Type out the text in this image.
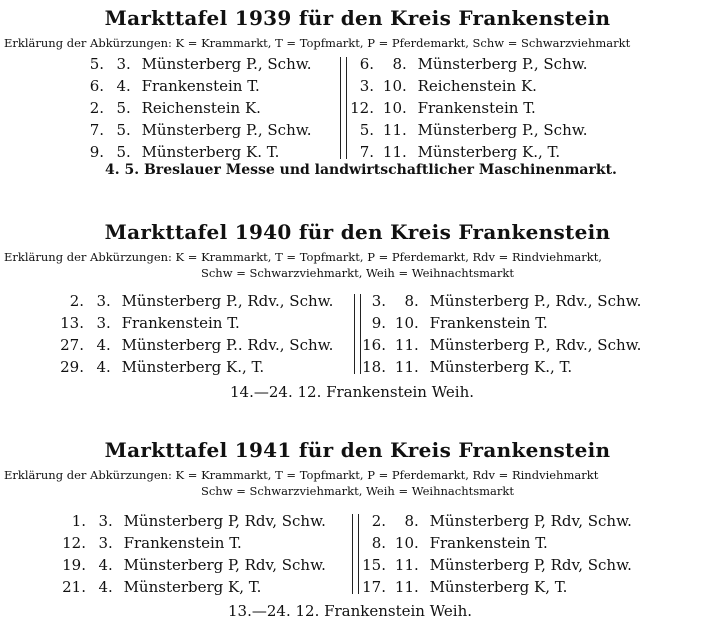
Markttafel 1939 für den Kreis Frankenstein
Erklärung der Abkürzungen: K = Krammarkt, T = Topfmarkt, P = Pferdemarkt, Schw = Schwarzviehmarkt
5. 3. Münsterberg P., Schw.
6. 4. Frankenstein T.
2. 5. Reichenstein K.
7. 5. Münsterberg P., Schw.
9. 5. Münsterberg K. T.
6. 8. Münsterberg P., Schw.
3. 10. Reichenstein K.
12. 10. Frankenstein T.
5. 11. Münsterberg P., Schw.
7. 11. Münsterberg K., T.
4. 5. Breslauer Messe und landwirtschaftlicher Maschinenmarkt.
Markttafel 1940 für den Kreis Frankenstein
Erklärung der Abkürzungen: K = Krammarkt, T = Topfmarkt, P = Pferdemarkt, Rdv = Rindviehmarkt,
Schw = Schwarzviehmarkt, Weih = Weihnachtsmarkt
2. 3. Münsterberg P., Rdv., Schw.
13. 3. Frankenstein T.
27. 4. Münsterberg P.. Rdv., Schw.
29. 4. Münsterberg K., T.
3. 8. Münsterberg P., Rdv., Schw.
9. 10. Frankenstein T.
16. 11. Münsterberg P., Rdv., Schw.
18. 11. Münsterberg K., T.
14.—24. 12. Frankenstein Weih.
Markttafel 1941 für den Kreis Frankenstein
Erklärung der Abkürzungen: K = Krammarkt, T = Topfmarkt, P = Pferdemarkt, Rdv = Rindviehmarkt
Schw = Schwarzviehmarkt, Weih = Weihnachtsmarkt
1. 3. Münsterberg P, Rdv, Schw.
12. 3. Frankenstein T.
19. 4. Münsterberg P, Rdv, Schw.
21. 4. Münsterberg K, T.
2. 8. Münsterberg P, Rdv, Schw.
8. 10. Frankenstein T.
15. 11. Münsterberg P, Rdv, Schw.
17. 11. Münsterberg K, T.
13.—24. 12. Frankenstein Weih.
